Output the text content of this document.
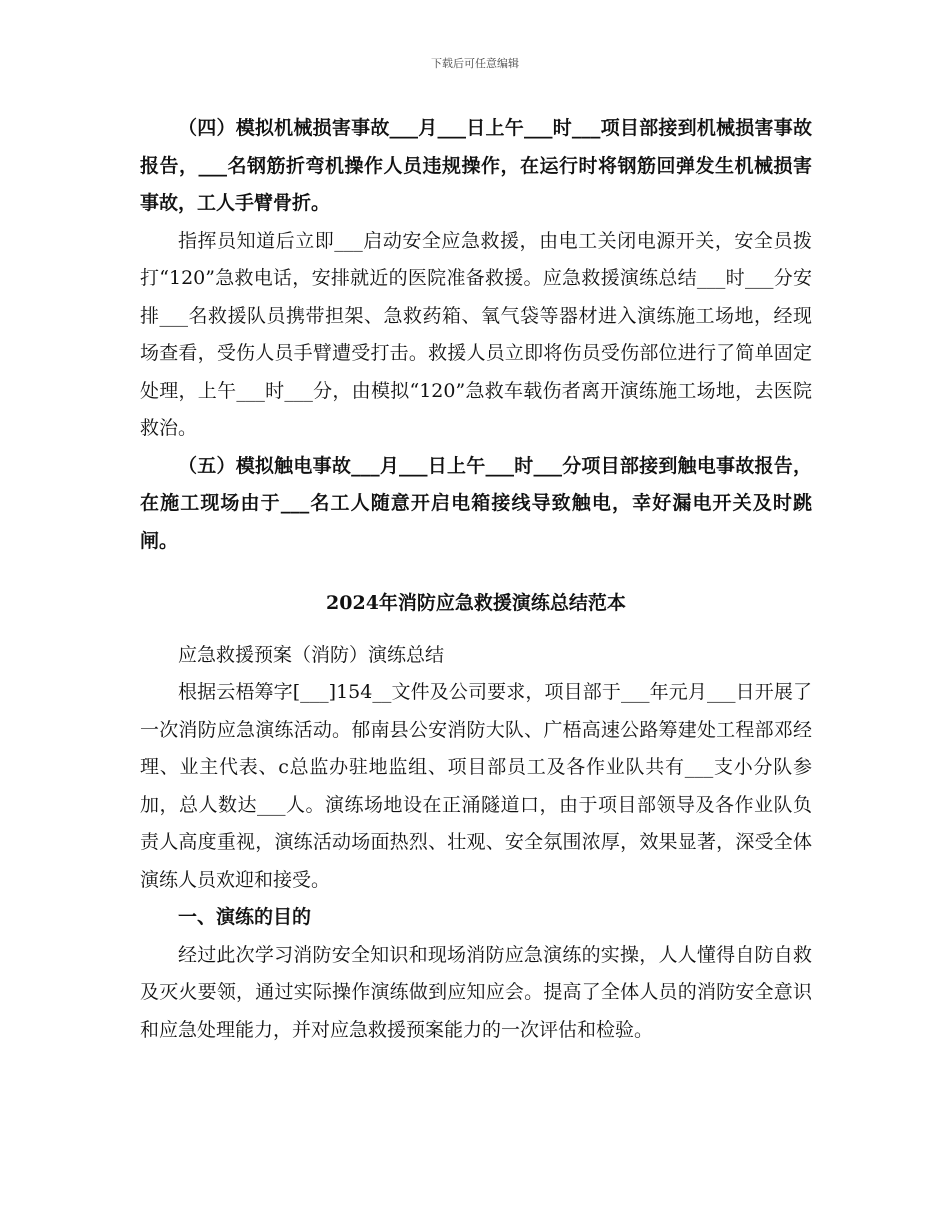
下载后可任意编辑

（四）模拟机械损害事故___月___日上午___时___项目部接到机械损害事故报告，___名钢筋折弯机操作人员违规操作，在运行时将钢筋回弹发生机械损害事故，工人手臂骨折。

指挥员知道后立即___启动安全应急救援，由电工关闭电源开关，安全员拨打“120”急救电话，安排就近的医院准备救援。应急救援演练总结___时___分安排___名救援队员携带担架、急救药箱、氧气袋等器材进入演练施工场地，经现场查看，受伤人员手臂遭受打击。救援人员立即将伤员受伤部位进行了简单固定处理，上午___时___分，由模拟“120”急救车载伤者离开演练施工场地，去医院救治。

（五）模拟触电事故___月___日上午___时___分项目部接到触电事故报告，在施工现场由于___名工人随意开启电箱接线导致触电，幸好漏电开关及时跳闸。

2024年消防应急救援演练总结范本

应急救援预案（消防）演练总结

根据云梧筹字[___]154__文件及公司要求，项目部于___年元月___日开展了一次消防应急演练活动。郁南县公安消防大队、广梧高速公路筹建处工程部邓经理、业主代表、c总监办驻地监组、项目部员工及各作业队共有___支小分队参加，总人数达___人。演练场地设在正涌隧道口，由于项目部领导及各作业队负责人高度重视，演练活动场面热烈、壮观、安全氛围浓厚，效果显著，深受全体演练人员欢迎和接受。

一、演练的目的

经过此次学习消防安全知识和现场消防应急演练的实操，人人懂得自防自救及灭火要领，通过实际操作演练做到应知应会。提高了全体人员的消防安全意识和应急处理能力，并对应急救援预案能力的一次评估和检验。
